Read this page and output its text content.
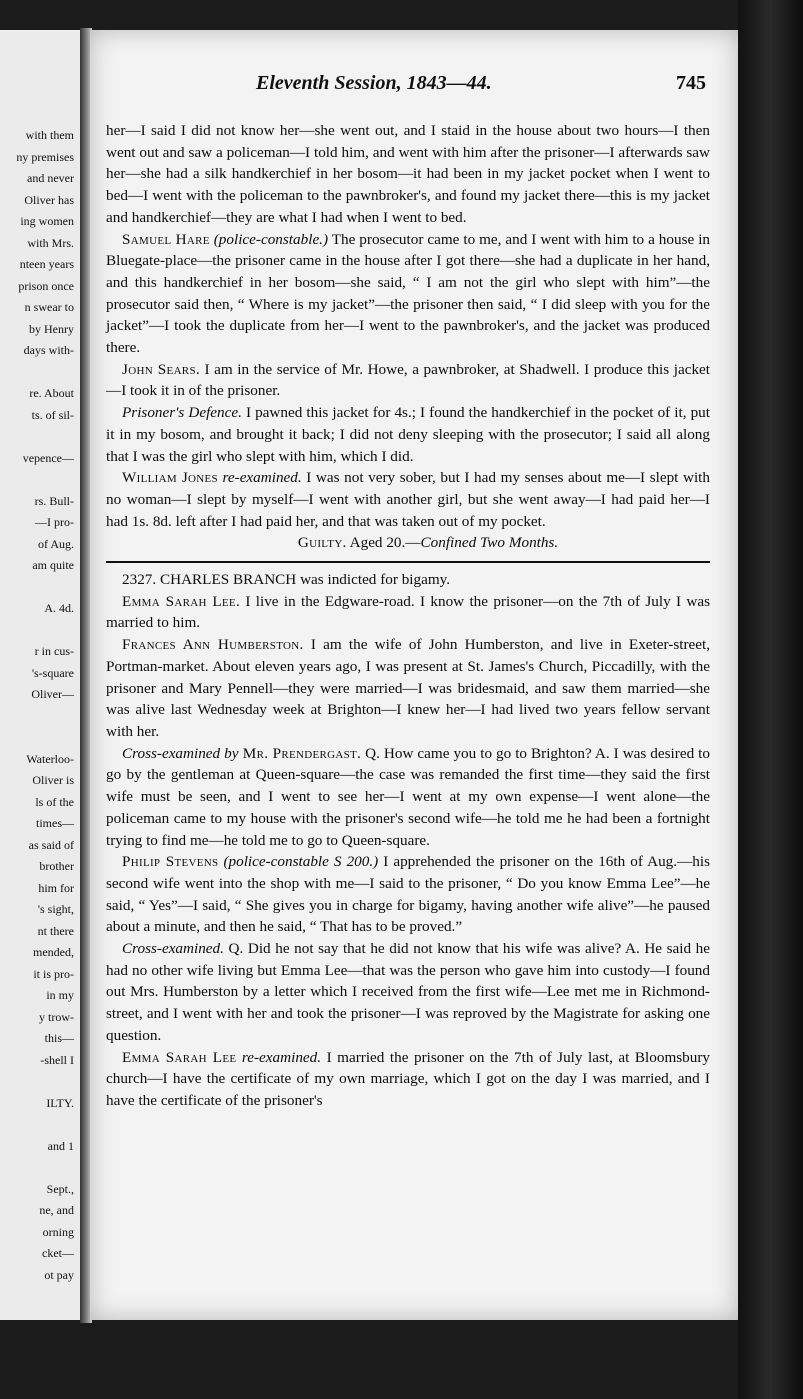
with them
ny premises
and never
Oliver has
ing women
with Mrs.
nteen years
prison once
n swear to
by Henry
days with-
re. About
ts. of sil-
vepence—
rs. Bull-
—I pro-
of Aug.
am quite
A. 4d.
r in cus-
's-square
Oliver—
Waterloo-
Oliver is
ls of the
times—
as said of
brother
him for
's sight,
nt there
mended,
it is pro-
in my
y trow-
this—
-shell I
ILTY.
and 1
Sept.,
ne, and
orning
cket—
ot pay
Eleventh Session, 1843—44.	745

her—I said I did not know her—she went out, and I staid in the house about two hours—I then went out and saw a policeman—I told him, and went with him after the prisoner—I afterwards saw her—she had a silk handkerchief in her bosom—it had been in my jacket pocket when I went to bed—I went with the policeman to the pawnbroker's, and found my jacket there—this is my jacket and handkerchief—they are what I had when I went to bed.

Samuel Hare (police-constable.) The prosecutor came to me, and I went with him to a house in Bluegate-place—the prisoner came in the house after I got there—she had a duplicate in her hand, and this handkerchief in her bosom—she said, “ I am not the girl who slept with him”—the prosecutor said then, “ Where is my jacket”—the prisoner then said, “ I did sleep with you for the jacket”—I took the duplicate from her—I went to the pawnbroker's, and the jacket was produced there.

John Sears. I am in the service of Mr. Howe, a pawnbroker, at Shadwell. I produce this jacket—I took it in of the prisoner.

Prisoner's Defence. I pawned this jacket for 4s.; I found the handkerchief in the pocket of it, put it in my bosom, and brought it back; I did not deny sleeping with the prosecutor; I said all along that I was the girl who slept with him, which I did.

William Jones re-examined. I was not very sober, but I had my senses about me—I slept with no woman—I slept by myself—I went with another girl, but she went away—I had paid her—I had 1s. 8d. left after I had paid her, and that was taken out of my pocket.

Guilty. Aged 20.—Confined Two Months.

2327. CHARLES BRANCH was indicted for bigamy.

Emma Sarah Lee. I live in the Edgware-road. I know the prisoner—on the 7th of July I was married to him.

Frances Ann Humberston. I am the wife of John Humberston, and live in Exeter-street, Portman-market. About eleven years ago, I was present at St. James's Church, Piccadilly, with the prisoner and Mary Pennell—they were married—I was bridesmaid, and saw them married—she was alive last Wednesday week at Brighton—I knew her—I had lived two years fellow servant with her.

Cross-examined by Mr. Prendergast. Q. How came you to go to Brighton? A. I was desired to go by the gentleman at Queen-square—the case was remanded the first time—they said the first wife must be seen, and I went to see her—I went at my own expense—I went alone—the policeman came to my house with the prisoner's second wife—he told me he had been a fortnight trying to find me—he told me to go to Queen-square.

Philip Stevens (police-constable S 200.) I apprehended the prisoner on the 16th of Aug.—his second wife went into the shop with me—I said to the prisoner, “ Do you know Emma Lee”—he said, “ Yes”—I said, “ She gives you in charge for bigamy, having another wife alive”—he paused about a minute, and then he said, “ That has to be proved.”

Cross-examined. Q. Did he not say that he did not know that his wife was alive? A. He said he had no other wife living but Emma Lee—that was the person who gave him into custody—I found out Mrs. Humberston by a letter which I received from the first wife—Lee met me in Richmond-street, and I went with her and took the prisoner—I was reproved by the Magistrate for asking one question.

Emma Sarah Lee re-examined. I married the prisoner on the 7th of July last, at Bloomsbury church—I have the certificate of my own marriage, which I got on the day I was married, and I have the certificate of the prisoner's
